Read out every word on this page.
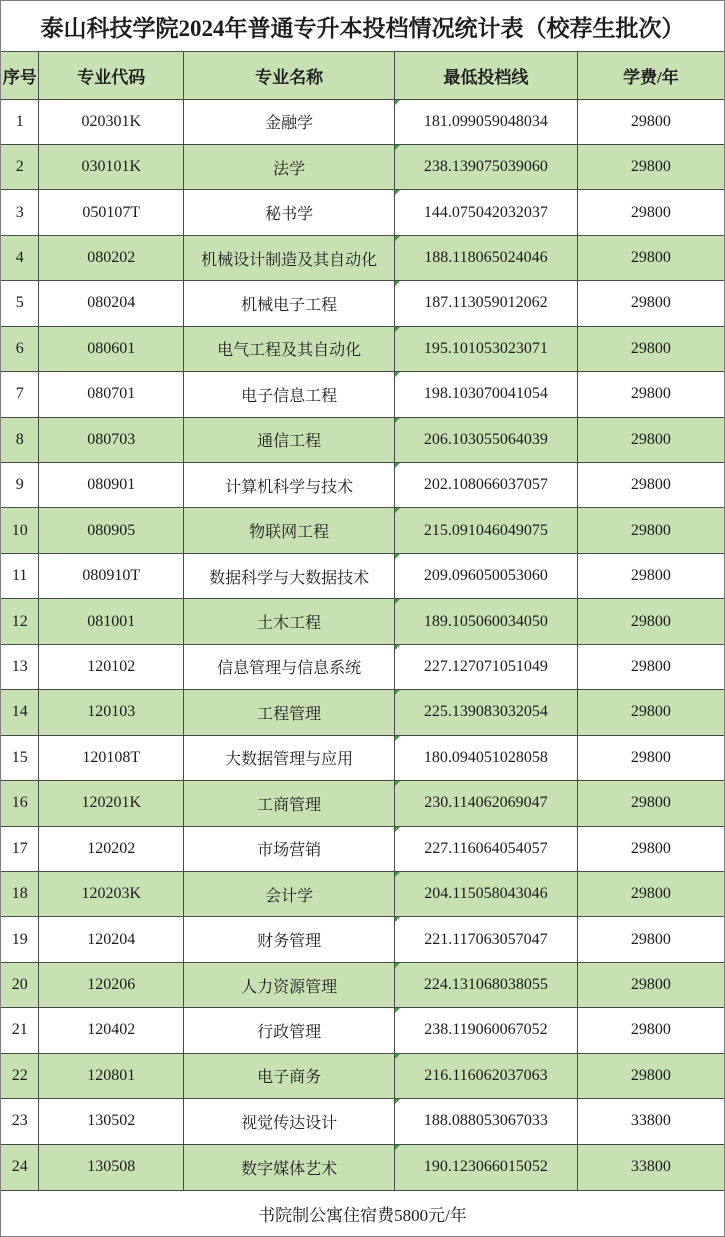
泰山科技学院2024年普通专升本投档情况统计表（校荐生批次）
序号	专业代码	专业名称	最低投档线	学费/年
1	020301K	金融学	181.099059048034	29800
2	030101K	法学	238.139075039060	29800
3	050107T	秘书学	144.075042032037	29800
4	080202	机械设计制造及其自动化	188.118065024046	29800
5	080204	机械电子工程	187.113059012062	29800
6	080601	电气工程及其自动化	195.101053023071	29800
7	080701	电子信息工程	198.103070041054	29800
8	080703	通信工程	206.103055064039	29800
9	080901	计算机科学与技术	202.108066037057	29800
10	080905	物联网工程	215.091046049075	29800
11	080910T	数据科学与大数据技术	209.096050053060	29800
12	081001	土木工程	189.105060034050	29800
13	120102	信息管理与信息系统	227.127071051049	29800
14	120103	工程管理	225.139083032054	29800
15	120108T	大数据管理与应用	180.094051028058	29800
16	120201K	工商管理	230.114062069047	29800
17	120202	市场营销	227.116064054057	29800
18	120203K	会计学	204.115058043046	29800
19	120204	财务管理	221.117063057047	29800
20	120206	人力资源管理	224.131068038055	29800
21	120402	行政管理	238.119060067052	29800
22	120801	电子商务	216.116062037063	29800
23	130502	视觉传达设计	188.088053067033	33800
24	130508	数字媒体艺术	190.123066015052	33800
书院制公寓住宿费5800元/年
